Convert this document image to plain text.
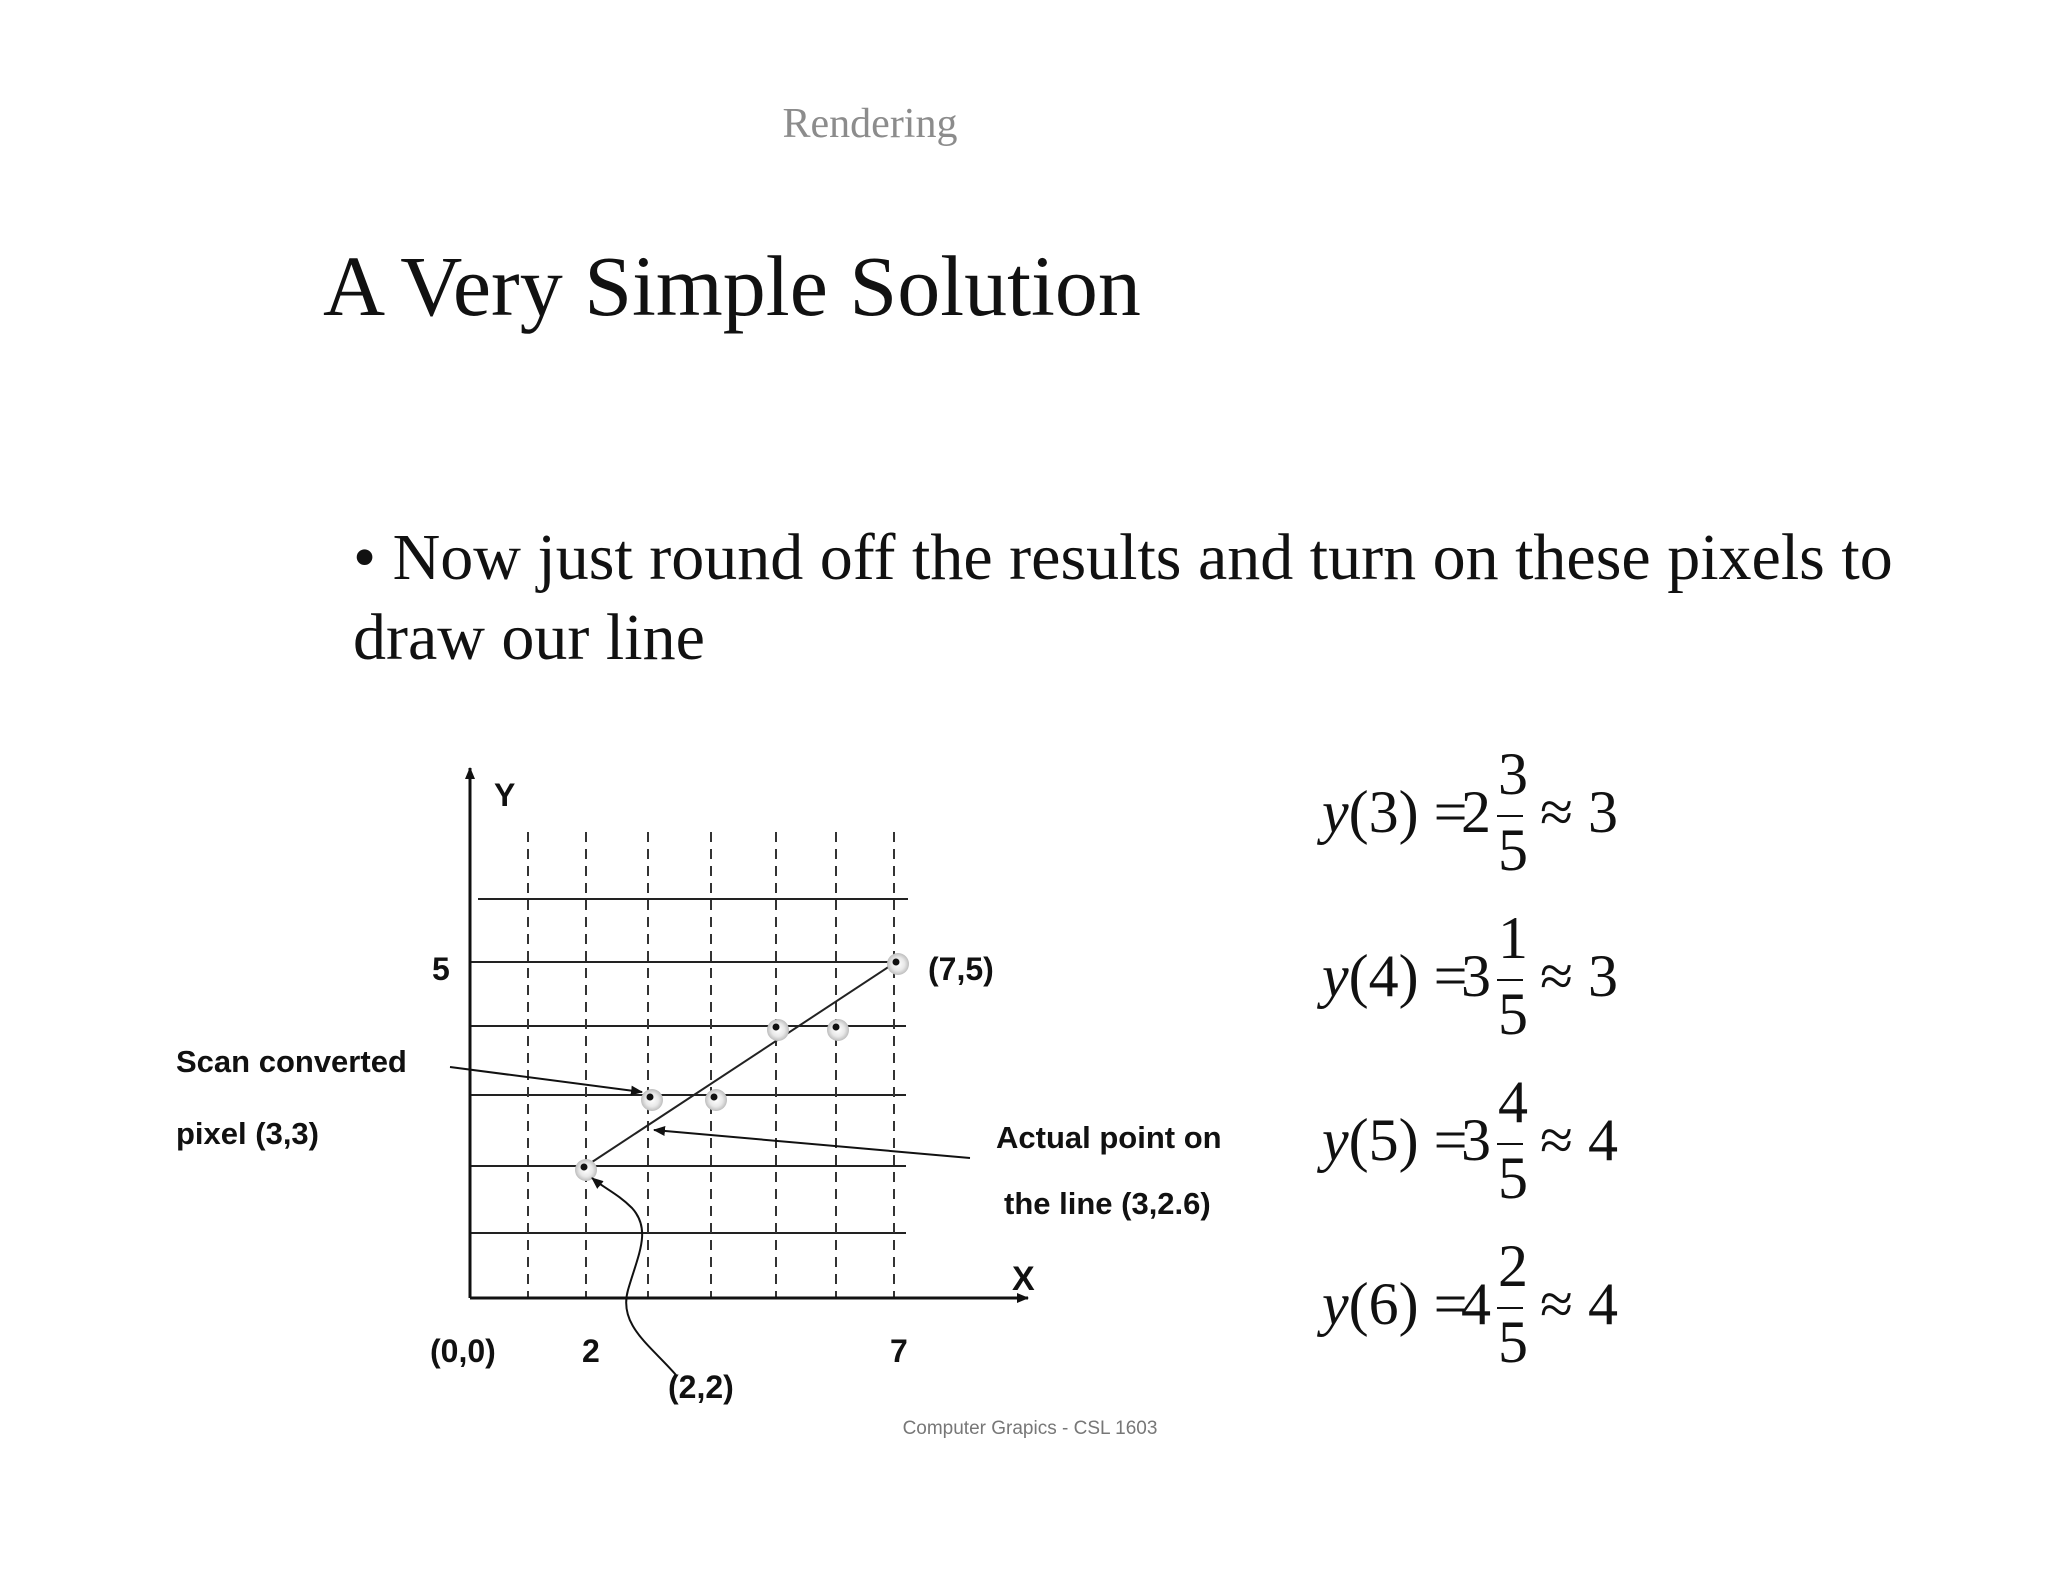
Rendering
A Very Simple Solution
• Now just round off the results and turn on these pixels to draw our line
Y
X
5
2	7
(0,0)
(7,5)
(2,2)
Scan converted
pixel (3,3)	Actual point on
the line (3,2.6)
y(3) =
2
3
5
≈ 3
y(4) =
3
1
5
≈ 3
y(5) =
3
4
5
≈ 4
y(6) =
4
2
5
≈ 4
Computer Grapics - CSL 1603
